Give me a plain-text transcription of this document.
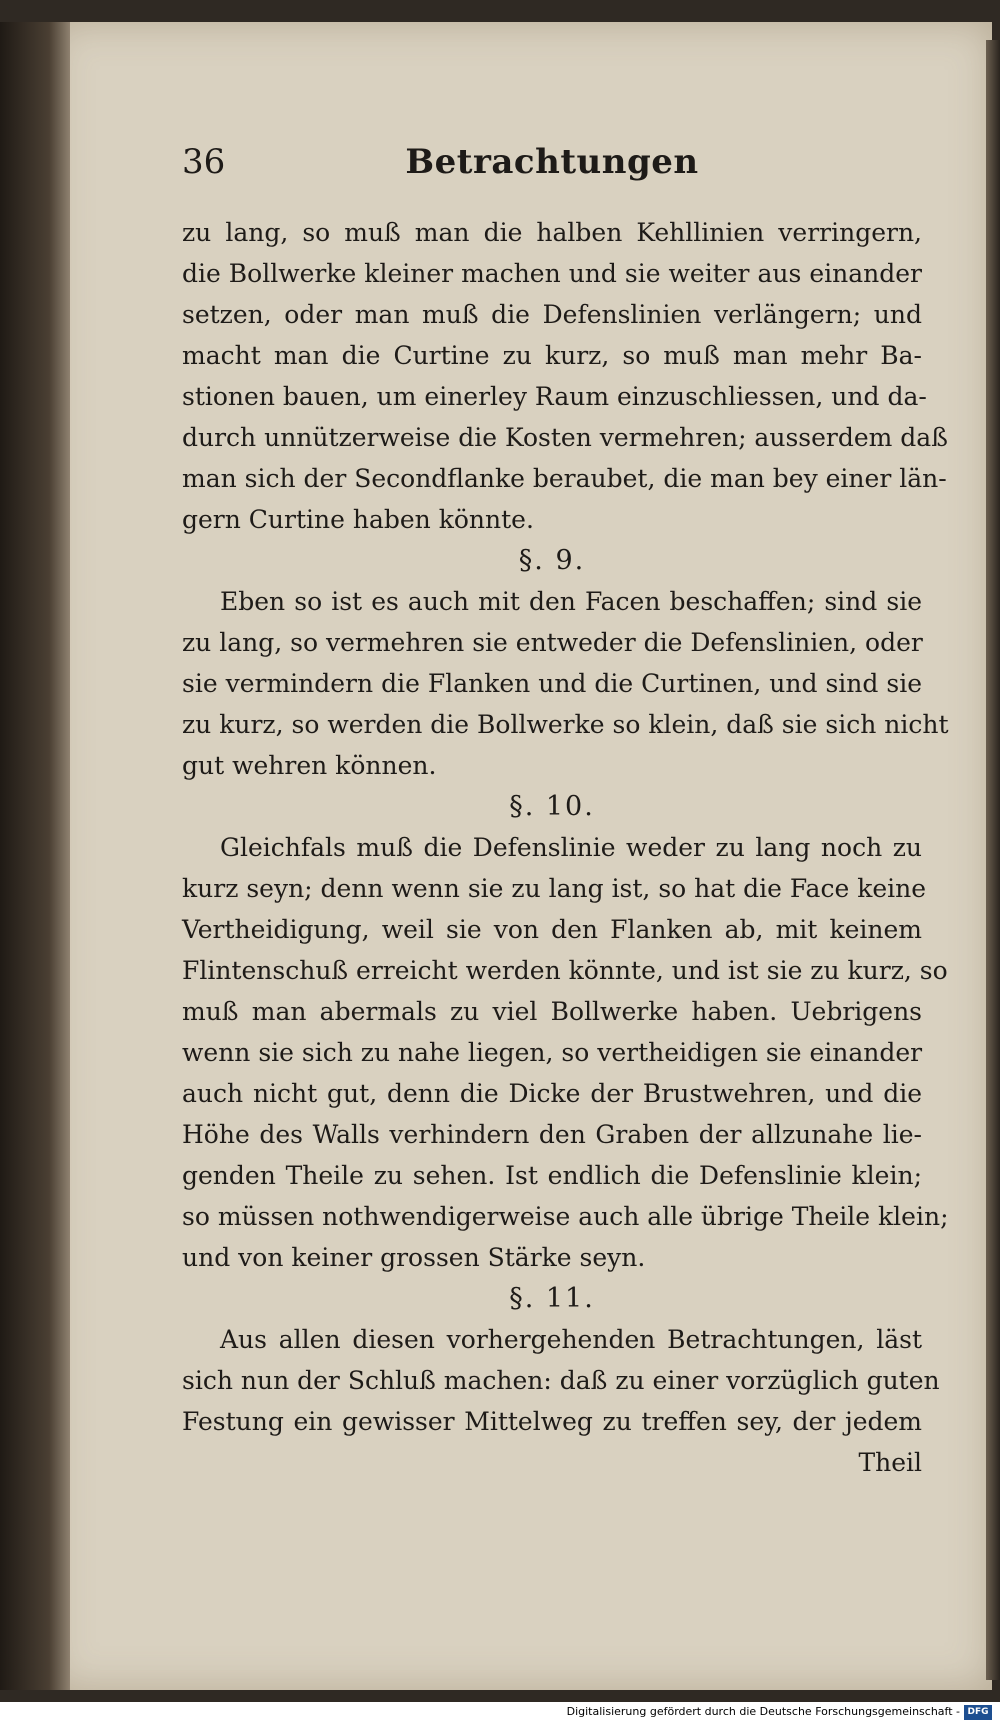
36	Betrachtungen
zu lang, so muß man die halben Kehllinien verringern,
die Bollwerke kleiner machen und sie weiter aus einander
setzen, oder man muß die Defenslinien verlängern; und
macht man die Curtine zu kurz, so muß man mehr Ba-
stionen bauen, um einerley Raum einzuschliessen, und da-
durch unnützerweise die Kosten vermehren; ausserdem daß
man sich der Secondflanke beraubet, die man bey einer län-
gern Curtine haben könnte.
§. 9.
Eben so ist es auch mit den Facen beschaffen; sind sie
zu lang, so vermehren sie entweder die Defenslinien, oder
sie vermindern die Flanken und die Curtinen, und sind sie
zu kurz, so werden die Bollwerke so klein, daß sie sich nicht
gut wehren können.
§. 10.
Gleichfals muß die Defenslinie weder zu lang noch zu
kurz seyn; denn wenn sie zu lang ist, so hat die Face keine
Vertheidigung, weil sie von den Flanken ab, mit keinem
Flintenschuß erreicht werden könnte, und ist sie zu kurz, so
muß man abermals zu viel Bollwerke haben. Uebrigens
wenn sie sich zu nahe liegen, so vertheidigen sie einander
auch nicht gut, denn die Dicke der Brustwehren, und die
Höhe des Walls verhindern den Graben der allzunahe lie-
genden Theile zu sehen. Ist endlich die Defenslinie klein;
so müssen nothwendigerweise auch alle übrige Theile klein;
und von keiner grossen Stärke seyn.
§. 11.
Aus allen diesen vorhergehenden Betrachtungen, läst
sich nun der Schluß machen: daß zu einer vorzüglich guten
Festung ein gewisser Mittelweg zu treffen sey, der jedem
Theil
Digitalisierung gefördert durch die Deutsche Forschungsgemeinschaft - DFG
